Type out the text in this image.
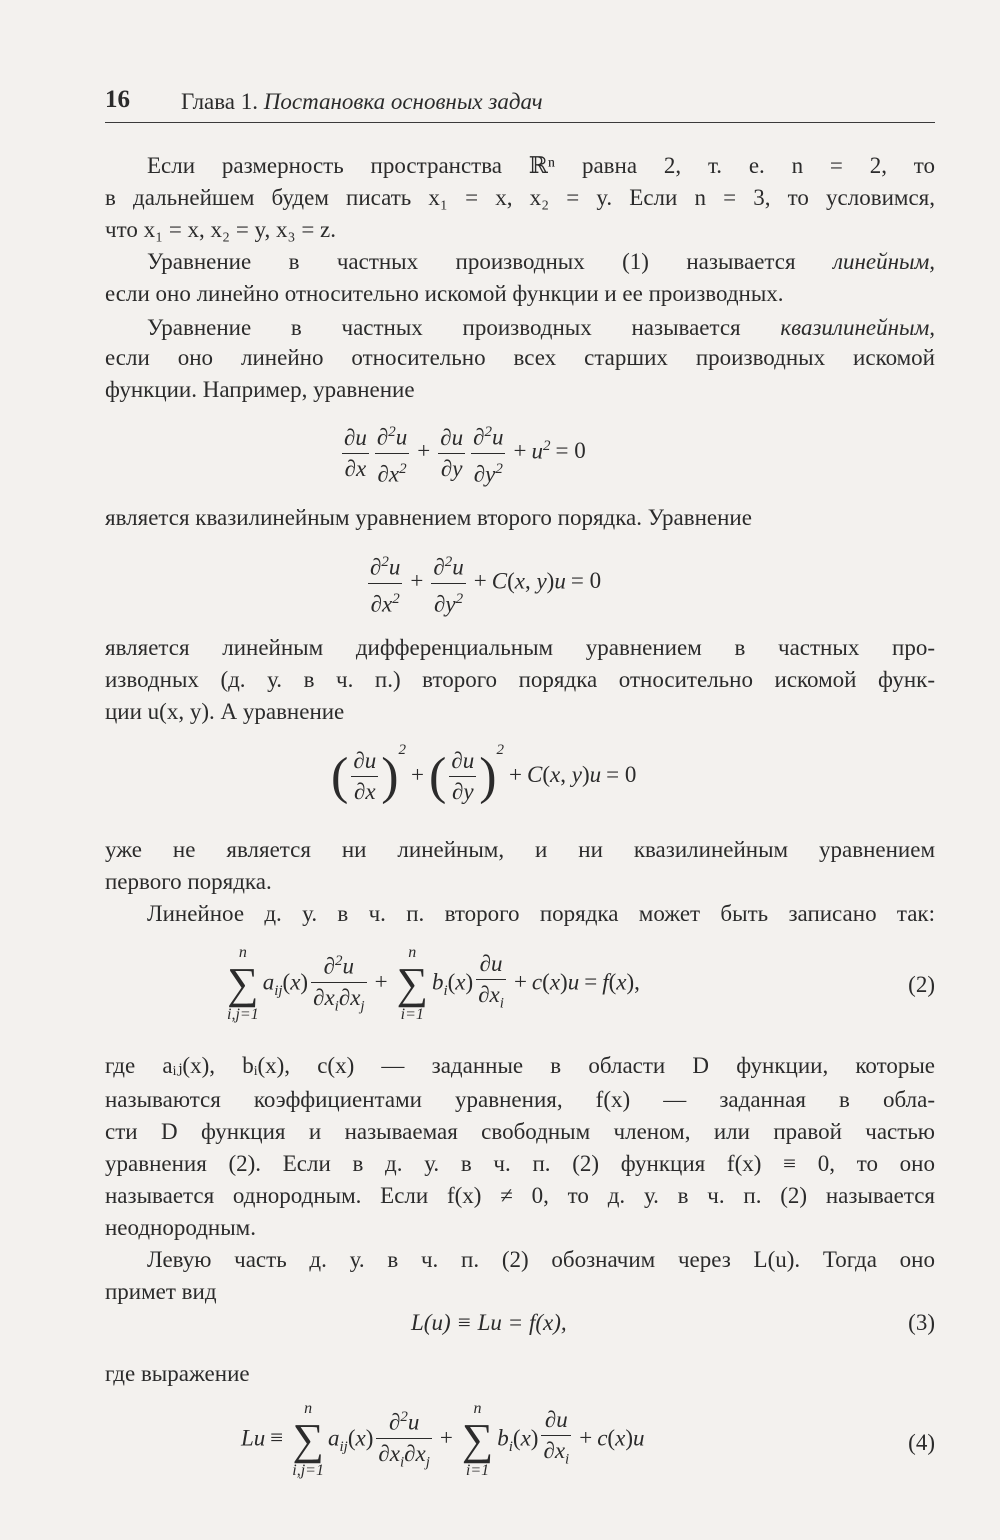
16 Глава 1. Постановка основных задач
Если размерность пространства ℝⁿ равна 2, т. е. n = 2, то
в дальнейшем будем писать x₁ = x, x₂ = y. Если n = 3, то условимся,
что x₁ = x, x₂ = y, x₃ = z.
Уравнение в частных производных (1) называется линейным,
если оно линейно относительно искомой функции и ее производных.
Уравнение в частных производных называется квазилинейным,
если оно линейно относительно всех старших производных искомой
функции. Например, уравнение
$\frac{\partial u}{\partial x} \frac{\partial^2u}{\partial x^2} + \frac{\partial u}{\partial y} \frac{\partial^2u}{\partial y^2} + u^2 = 0$
является квазилинейным уравнением второго порядка. Уравнение
$\frac{\partial^2u}{\partial x^2} + \frac{\partial^2u}{\partial y^2} + C(x$, y)u = 0
является линейным дифференциальным уравнением в частных про-
изводных (д. у. в ч. п.) второго порядка относительно искомой функ-
ции u(x, y). А уравнение
( $\frac{\partial u}{\partial x} )^2+( \frac{\partial u}{\partial y} )^2+ C(x$, y)u = 0
уже не является ни линейным, и ни квазилинейным уравнением
первого порядка.
Линейное д. у. в ч. п. второго порядка может быть записано так:
n
∑
i,j=1
$a_{ij}(x) \frac{\partial^2u}{\partial x_i\partial x_j}$ +
n
∑
i=1
$b_i(x) \frac{\partial u}{\partial x_i} + c(x)u = f(x)$,	(2)
где aᵢⱼ(x), bᵢ(x), c(x) — заданные в области D функции, которые
называются коэффициентами уравнения, f(x) — заданная в обла-
сти D функция и называемая свободным членом, или правой частью
уравнения (2). Если в д. у. в ч. п. (2) функция f(x) ≡ 0, то оно
называется однородным. Если f(x) ≠ 0, то д. у. в ч. п. (2) называется
неоднородным.
Левую часть д. у. в ч. п. (2) обозначим через L(u). Тогда оно
примет вид
L(u) ≡ Lu = f(x),	(3)
где выражение
Lu ≡
n
∑
i,j=1
$a_{ij}(x) \frac{\partial^2u}{\partial x_i\partial x_j}$ +
n
∑
i=1
$b_i(x) \frac{\partial u}{\partial x_i} + c(x)u$	(4)
